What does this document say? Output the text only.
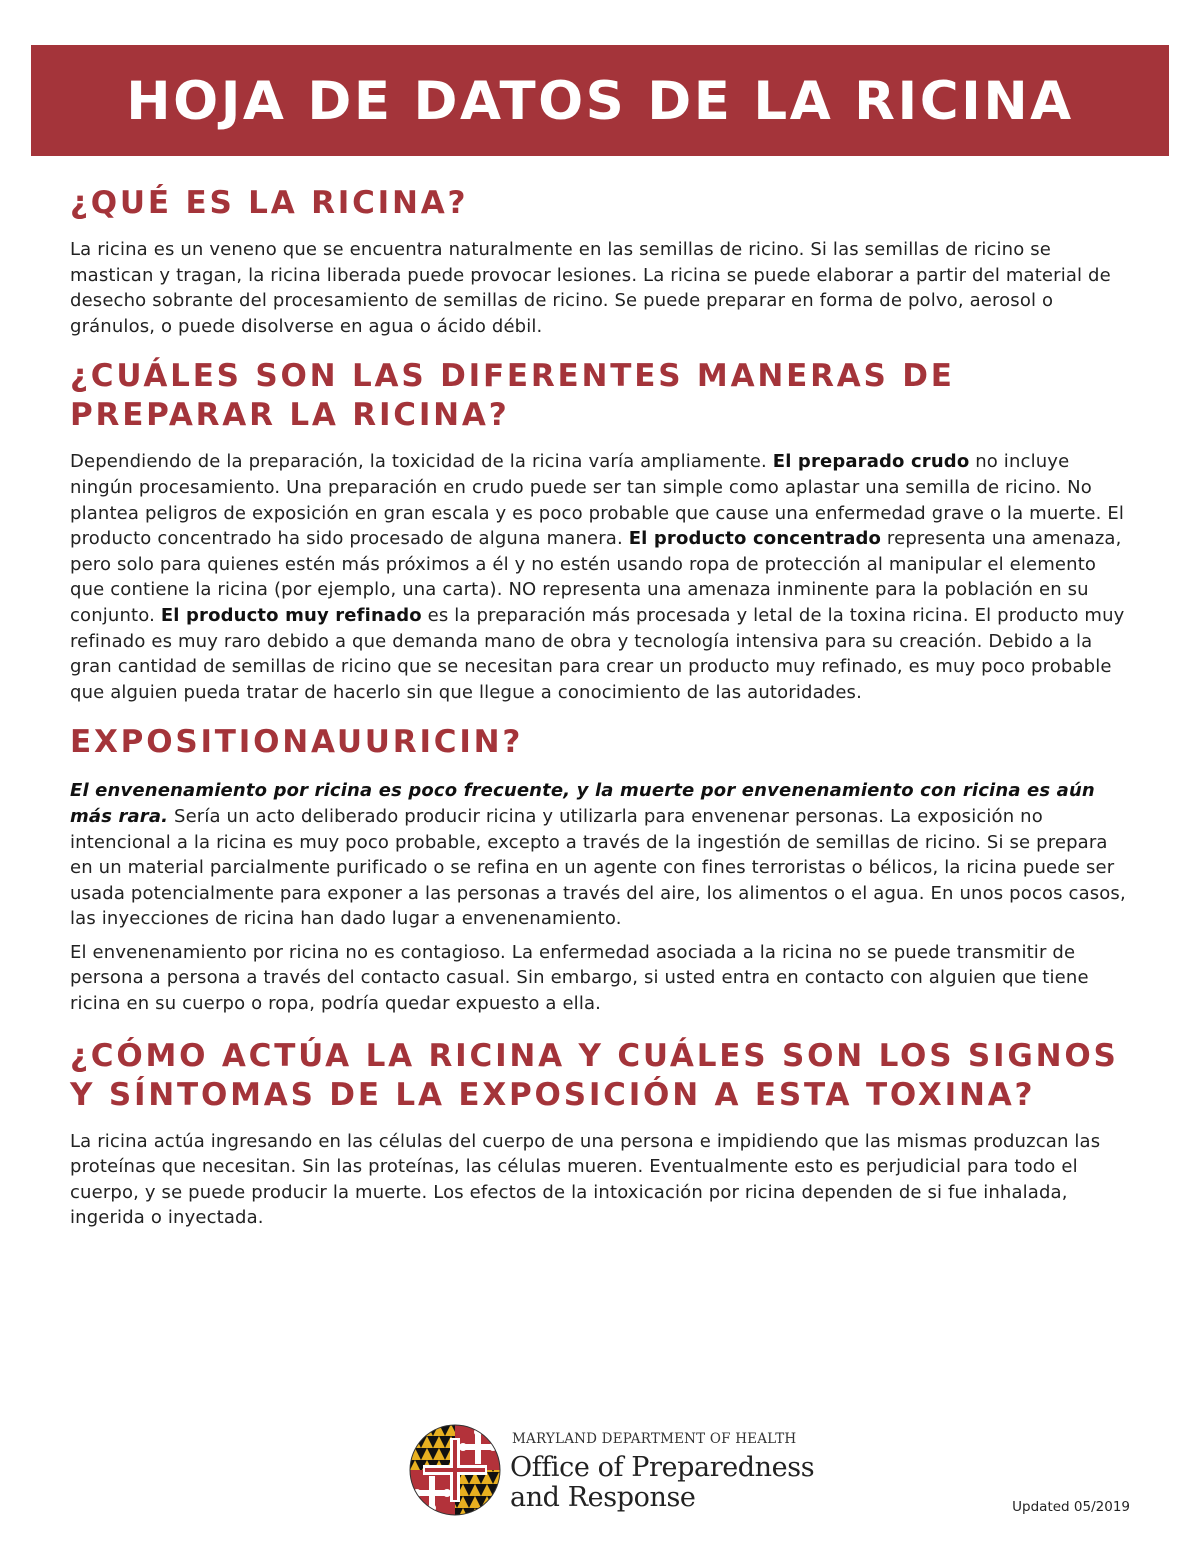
HOJA DE DATOS DE LA RICINA
¿QUÉ ES LA RICINA?

La ricina es un veneno que se encuentra naturalmente en las semillas de ricino. Si las semillas de ricino se mastican y tragan, la ricina liberada puede provocar lesiones. La ricina se puede elaborar a partir del material de desecho sobrante del procesamiento de semillas de ricino. Se puede preparar en forma de polvo, aerosol o gránulos, o puede disolverse en agua o ácido débil.

¿CUÁLES SON LAS DIFERENTES MANERAS DE PREPARAR LA RICINA?

Dependiendo de la preparación, la toxicidad de la ricina varía ampliamente. El preparado crudo no incluye ningún procesamiento. Una preparación en crudo puede ser tan simple como aplastar una semilla de ricino. No plantea peligros de exposición en gran escala y es poco probable que cause una enfermedad grave o la muerte. El producto concentrado ha sido procesado de alguna manera. El producto concentrado representa una amenaza, pero solo para quienes estén más próximos a él y no estén usando ropa de protección al manipular el elemento que contiene la ricina (por ejemplo, una carta). NO representa una amenaza inminente para la población en su conjunto. El producto muy refinado es la preparación más procesada y letal de la toxina ricina. El producto muy refinado es muy raro debido a que demanda mano de obra y tecnología intensiva para su creación. Debido a la gran cantidad de semillas de ricino que se necesitan para crear un producto muy refinado, es muy poco probable que alguien pueda tratar de hacerlo sin que llegue a conocimiento de las autoridades.

EXPOSITIONAUURICIN?

El envenenamiento por ricina es poco frecuente, y la muerte por envenenamiento con ricina es aún más rara. Sería un acto deliberado producir ricina y utilizarla para envenenar personas. La exposición no intencional a la ricina es muy poco probable, excepto a través de la ingestión de semillas de ricino. Si se prepara en un material parcialmente purificado o se refina en un agente con fines terroristas o bélicos, la ricina puede ser usada potencialmente para exponer a las personas a través del aire, los alimentos o el agua. En unos pocos casos, las inyecciones de ricina han dado lugar a envenenamiento.

El envenenamiento por ricina no es contagioso. La enfermedad asociada a la ricina no se puede transmitir de persona a persona a través del contacto casual. Sin embargo, si usted entra en contacto con alguien que tiene ricina en su cuerpo o ropa, podría quedar expuesto a ella.

¿CÓMO ACTÚA LA RICINA Y CUÁLES SON LOS SIGNOS Y SÍNTOMAS DE LA EXPOSICIÓN A ESTA TOXINA?

La ricina actúa ingresando en las células del cuerpo de una persona e impidiendo que las mismas produzcan las proteínas que necesitan. Sin las proteínas, las células mueren. Eventualmente esto es perjudicial para todo el cuerpo, y se puede producir la muerte. Los efectos de la intoxicación por ricina dependen de si fue inhalada, ingerida o inyectada.

MARYLAND DEPARTMENT OF HEALTH
Office of Preparedness
and Response	Updated 05/2019
